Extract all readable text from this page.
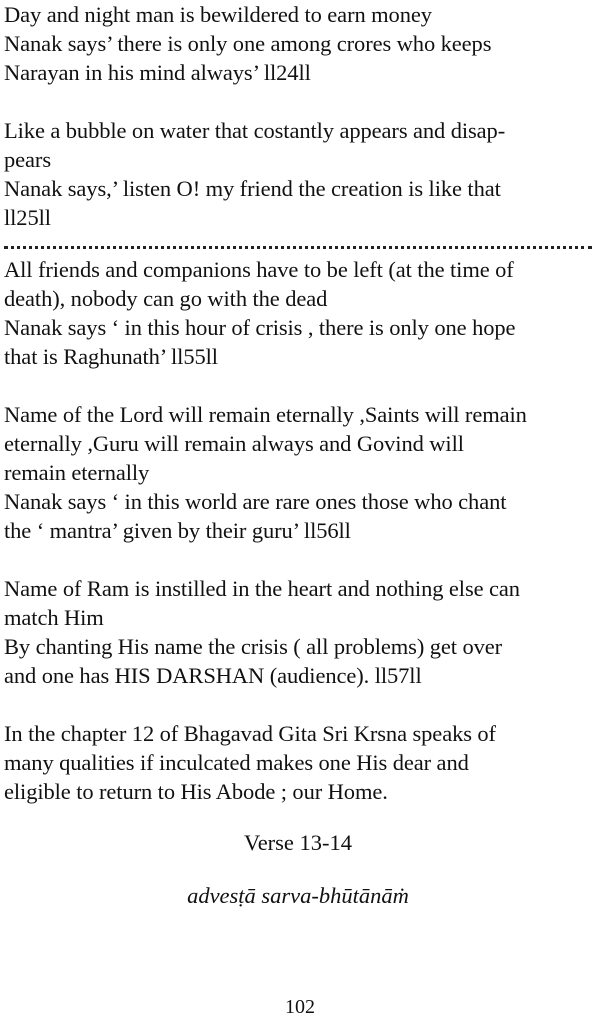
Day and night man is bewildered to earn money
Nanak says’ there is only one among crores who keeps
Narayan in his mind always’ ll24ll
Like a bubble on water that costantly appears and disap-
pears
Nanak says,’ listen O! my friend the creation is like that
ll25ll
All friends and companions have to be left (at the time of
death), nobody can go with the dead
Nanak says ‘ in this hour of crisis , there is only one hope
that is Raghunath’ ll55ll
Name of the Lord will remain eternally ,Saints will remain
eternally ,Guru will remain always and Govind will
remain eternally
Nanak says ‘ in this world are rare ones those who chant
the ‘ mantra’ given by their guru’ ll56ll
Name of Ram is instilled in the heart and nothing else can
match Him
By chanting His name the crisis ( all problems) get over
and one has HIS DARSHAN (audience). ll57ll
In the chapter 12 of Bhagavad Gita Sri Krsna speaks of
many qualities if inculcated makes one His dear and
eligible to return to His Abode ; our Home.
Verse 13-14
advesṭā sarva-bhūtānāṁ
102
